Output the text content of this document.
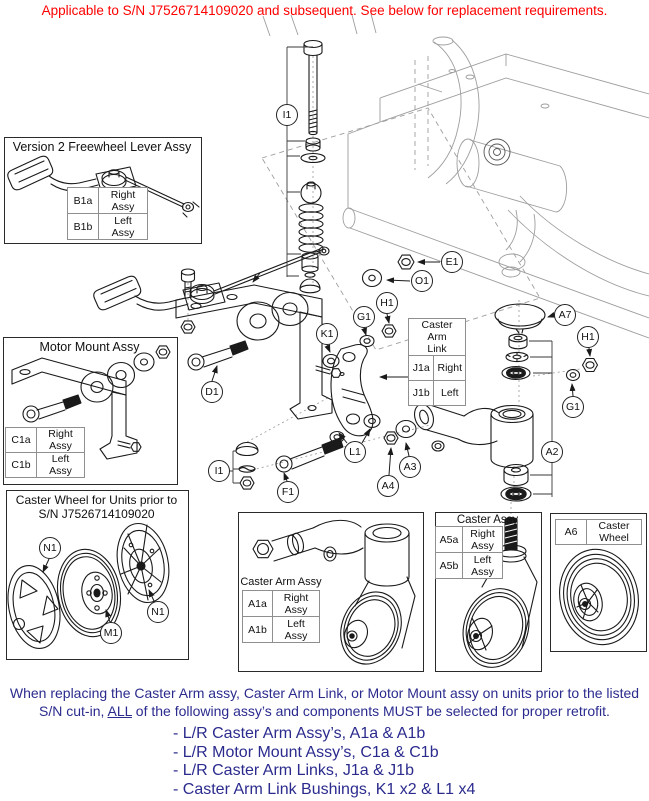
Applicable to S/N J7526714109020 and subsequent. See below for replacement requirements.
Version 2 Freewheel Lever Assy
B1a	Right Assy
B1b	Left Assy
Motor Mount Assy
C1a	Right Assy
C1b	Left Assy
Caster Wheel for Units prior to
S/N J7526714109020
Caster Arm
Link	

J1a	Right
J1b	Left
Caster Arm Assy
A1a	Right Assy
A1b	Left Assy
Caster Assy
A5a	Right Assy
A5b	Left Assy
A6	Caster Wheel
I1
E1
O1
H1
G1
K1
D1
A7
H1
G1
A2
L1
A3
A4
I1
F1
N1
M1
N1
When replacing the Caster Arm assy, Caster Arm Link, or Motor Mount assy on units prior to the listed S/N cut-in, ALL of the following assy’s and components MUST be selected for proper retrofit.
- L/R Caster Arm Assy’s, A1a & A1b
- L/R Motor Mount Assy’s, C1a & C1b
- L/R Caster Arm Links, J1a & J1b
- Caster Arm Link Bushings, K1 x2 & L1 x4
